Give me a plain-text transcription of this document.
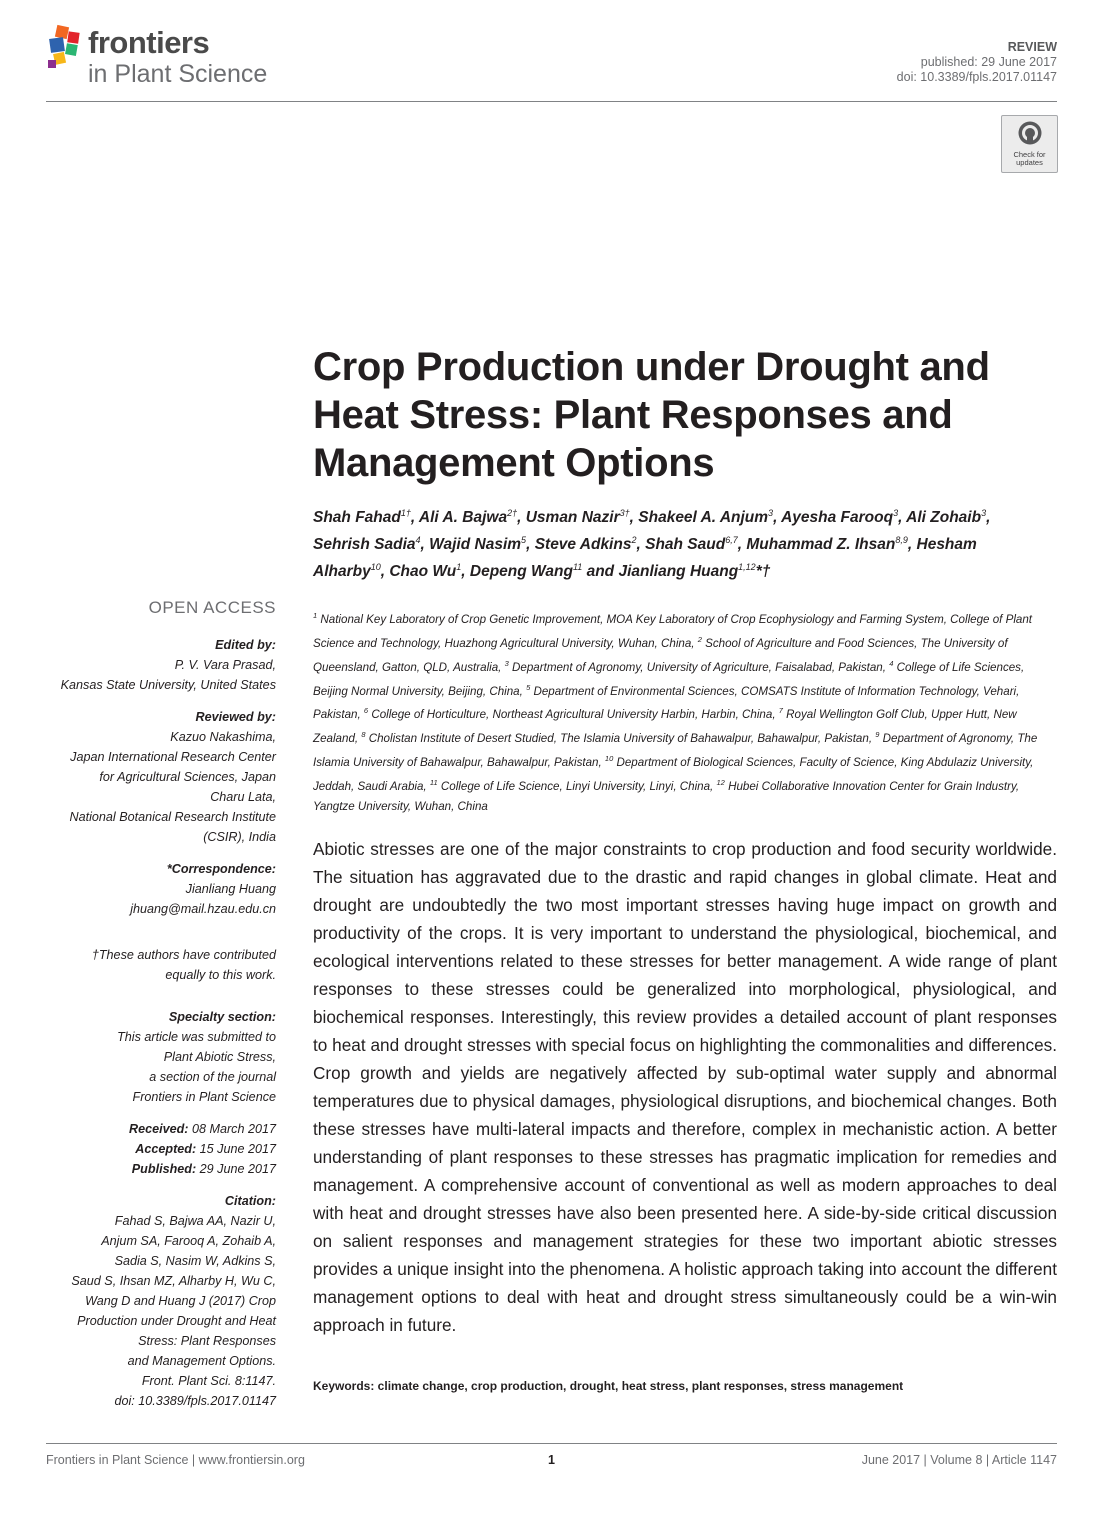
frontiers
in Plant Science
REVIEW
published: 29 June 2017
doi: 10.3389/fpls.2017.01147
Check for
updates
Crop Production under Drought and Heat Stress: Plant Responses and Management Options

Shah Fahad$^{1\dagger}$, Ali A. Bajwa$^{2\dagger}$, Usman Nazir$^{3\dagger}$, Shakeel A. Anjum$^3$, Ayesha Farooq$^3$, Ali Zohaib$^3$, Sehrish Sadia$^4$, Wajid Nasim$^5$, Steve Adkins$^2$, Shah Saud$^{6,7}$, Muhammad Z. Ihsan$^{8,9}$, Hesham Alharby$^{10}$, Chao Wu$^1$, Depeng Wang$^{11}$ and Jianliang Huang$^{1,12}$*†

$^1$ National Key Laboratory of Crop Genetic Improvement, MOA Key Laboratory of Crop Ecophysiology and Farming System, College of Plant Science and Technology, Huazhong Agricultural University, Wuhan, China, $^2$ School of Agriculture and Food Sciences, The University of Queensland, Gatton, QLD, Australia, $^3$ Department of Agronomy, University of Agriculture, Faisalabad, Pakistan, $^4$ College of Life Sciences, Beijing Normal University, Beijing, China, $^5$ Department of Environmental Sciences, COMSATS Institute of Information Technology, Vehari, Pakistan, $^6$ College of Horticulture, Northeast Agricultural University Harbin, Harbin, China, $^7$ Royal Wellington Golf Club, Upper Hutt, New Zealand, $^8$ Cholistan Institute of Desert Studied, The Islamia University of Bahawalpur, Bahawalpur, Pakistan, $^9$ Department of Agronomy, The Islamia University of Bahawalpur, Bahawalpur, Pakistan, $^{10}$ Department of Biological Sciences, Faculty of Science, King Abdulaziz University, Jeddah, Saudi Arabia, $^{11}$ College of Life Science, Linyi University, Linyi, China, $^{12}$ Hubei Collaborative Innovation Center for Grain Industry, Yangtze University, Wuhan, China

Abiotic stresses are one of the major constraints to crop production and food security worldwide. The situation has aggravated due to the drastic and rapid changes in global climate. Heat and drought are undoubtedly the two most important stresses having huge impact on growth and productivity of the crops. It is very important to understand the physiological, biochemical, and ecological interventions related to these stresses for better management. A wide range of plant responses to these stresses could be generalized into morphological, physiological, and biochemical responses. Interestingly, this review provides a detailed account of plant responses to heat and drought stresses with special focus on highlighting the commonalities and differences. Crop growth and yields are negatively affected by sub-optimal water supply and abnormal temperatures due to physical damages, physiological disruptions, and biochemical changes. Both these stresses have multi-lateral impacts and therefore, complex in mechanistic action. A better understanding of plant responses to these stresses has pragmatic implication for remedies and management. A comprehensive account of conventional as well as modern approaches to deal with heat and drought stresses have also been presented here. A side-by-side critical discussion on salient responses and management strategies for these two important abiotic stresses provides a unique insight into the phenomena. A holistic approach taking into account the different management options to deal with heat and drought stress simultaneously could be a win-win approach in future.

Keywords: climate change, crop production, drought, heat stress, plant responses, stress management

OPEN ACCESS

Edited by:

P. V. Vara Prasad,
Kansas State University, United States

Reviewed by:

Kazuo Nakashima,
Japan International Research Center
for Agricultural Sciences, Japan
Charu Lata,
National Botanical Research Institute
(CSIR), India

*Correspondence:

Jianliang Huang
jhuang@mail.hzau.edu.cn
†These authors have contributed
equally to this work.

Specialty section:

This article was submitted to
Plant Abiotic Stress,
a section of the journal
Frontiers in Plant Science
Received: 08 March 2017
Accepted: 15 June 2017
Published: 29 June 2017

Citation:

Fahad S, Bajwa AA, Nazir U,
Anjum SA, Farooq A, Zohaib A,
Sadia S, Nasim W, Adkins S,
Saud S, Ihsan MZ, Alharby H, Wu C,
Wang D and Huang J (2017) Crop
Production under Drought and Heat
Stress: Plant Responses
and Management Options.
Front. Plant Sci. 8:1147.
doi: 10.3389/fpls.2017.01147
Frontiers in Plant Science | www.frontiersin.org	1	June 2017 | Volume 8 | Article 1147
